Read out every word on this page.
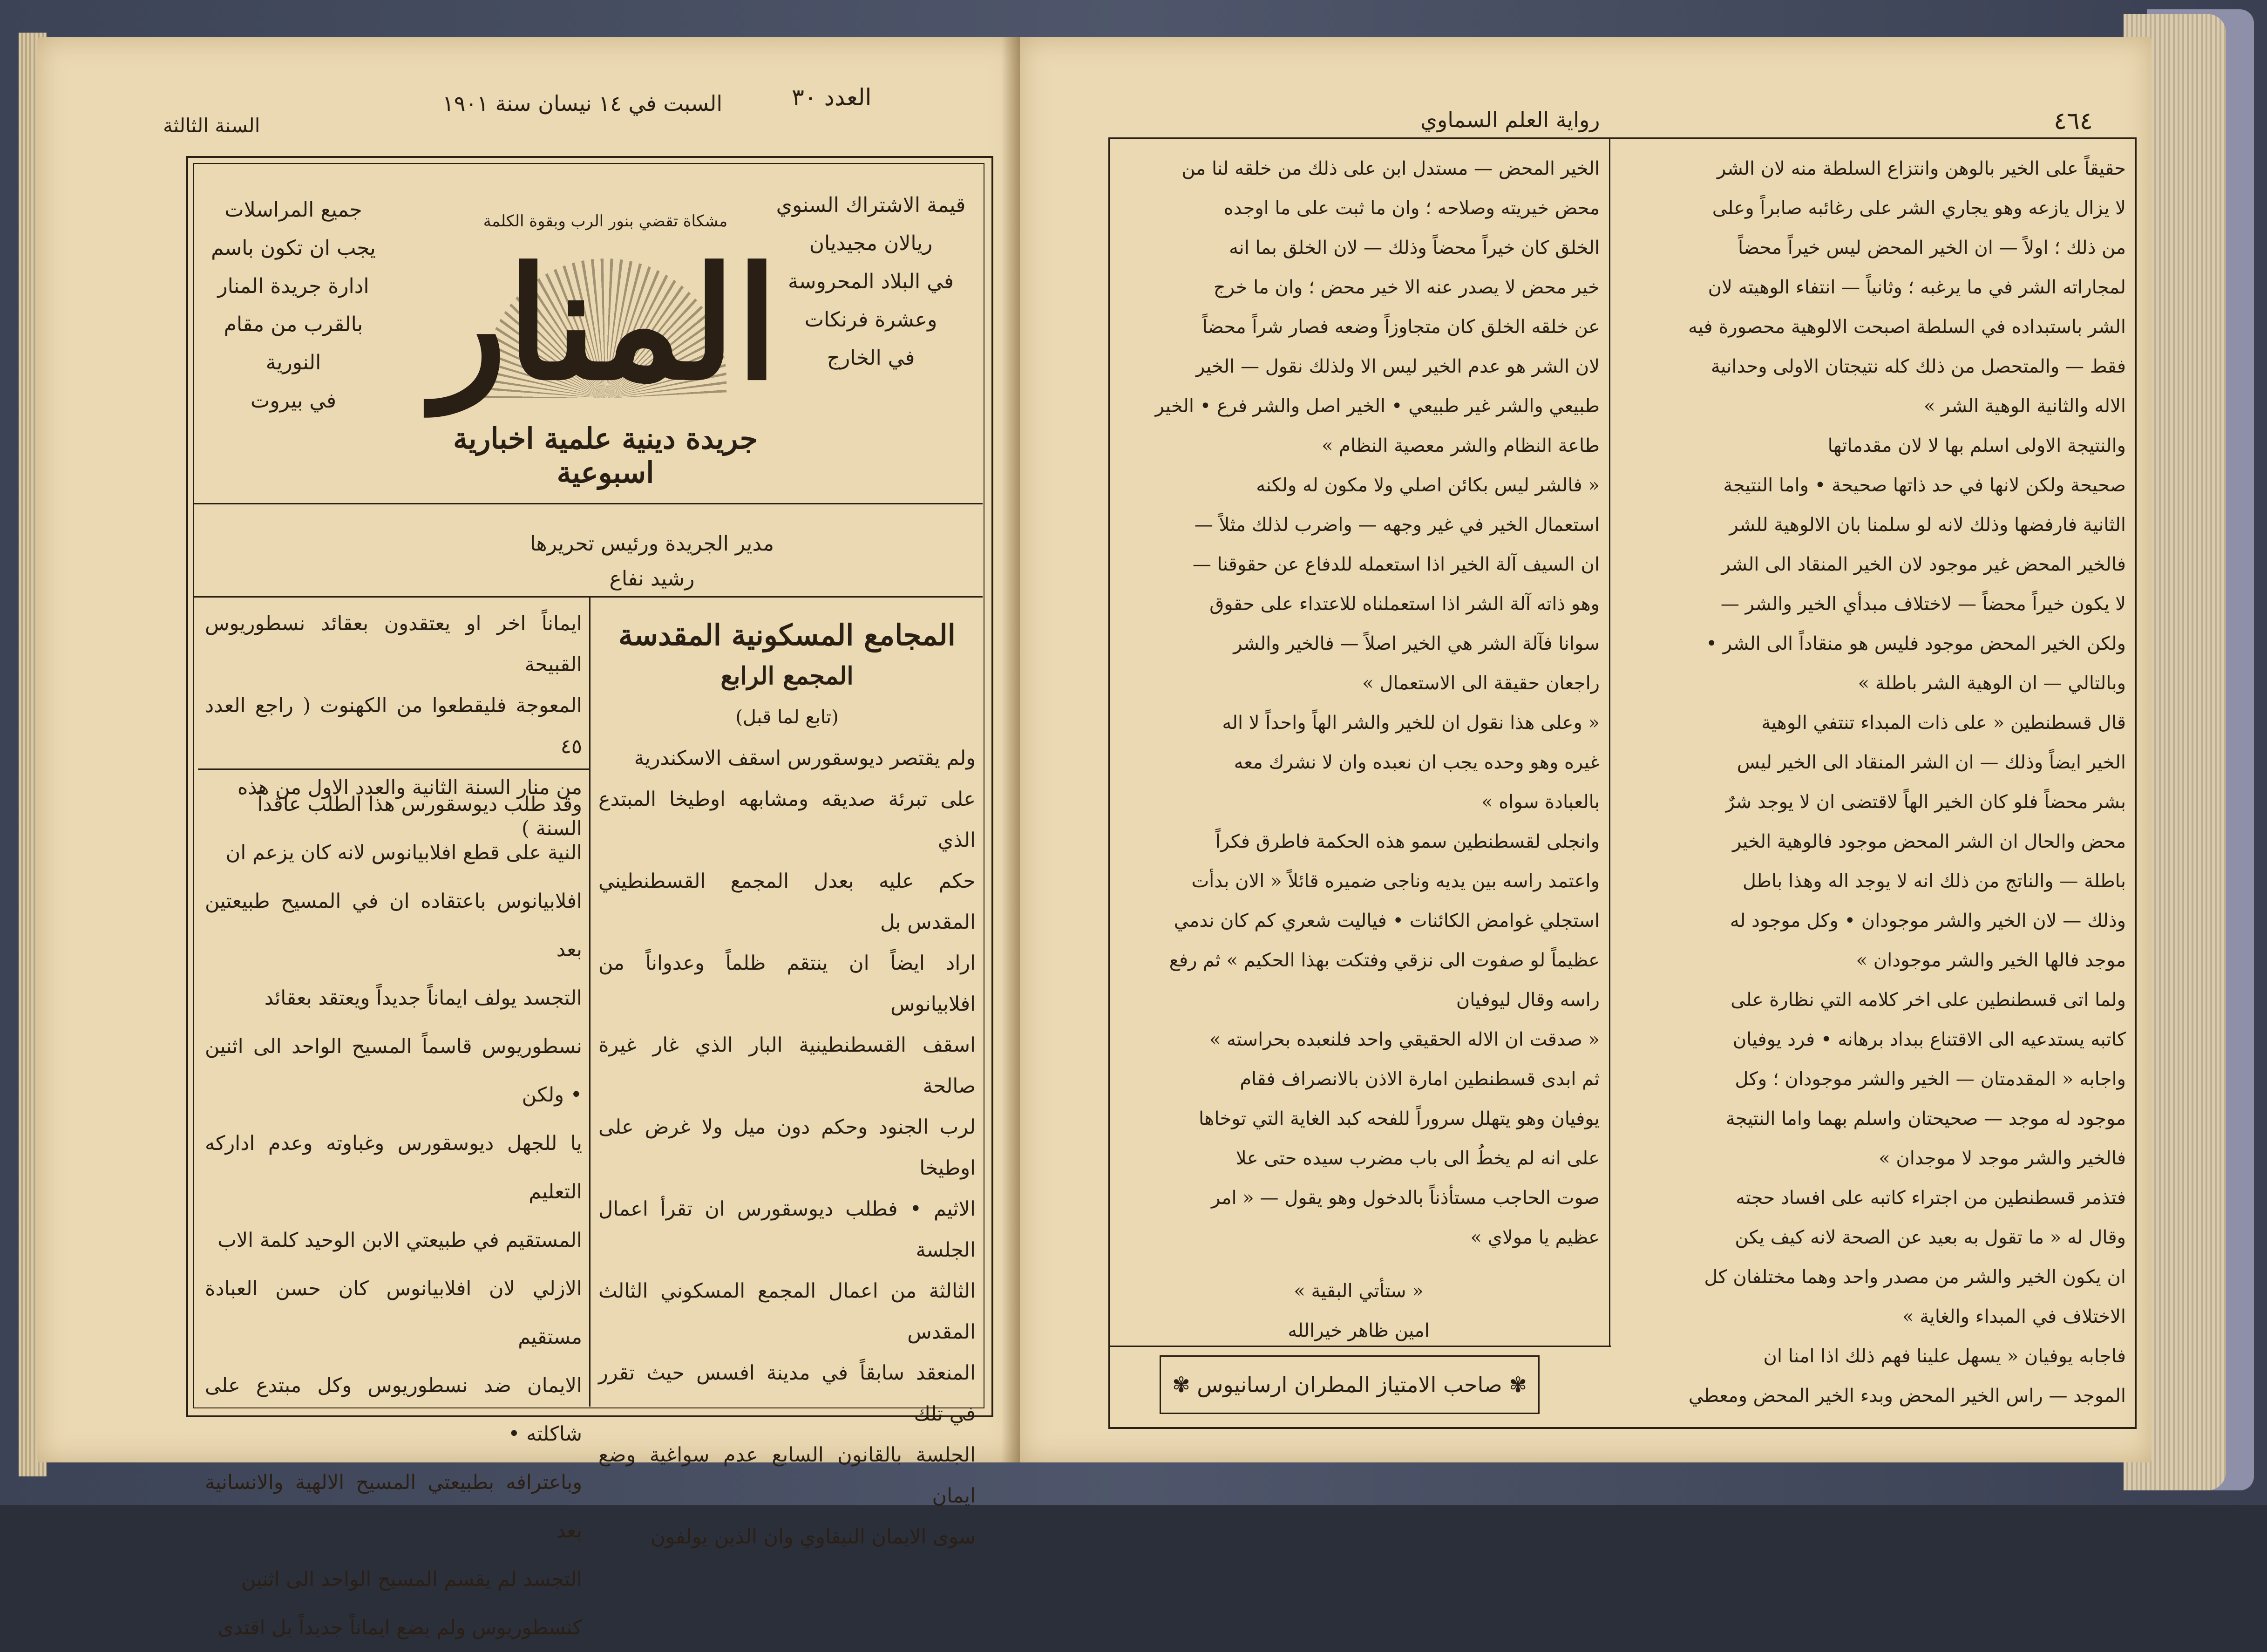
العدد ٣٠
السبت في ١٤ نيسان سنة ١٩٠١
السنة الثالثة
قيمة الاشتراك السنوي
ريالان مجيديان
في البلاد المحروسة
وعشرة فرنكات
في الخارج
مشكاة تقضي بنور الرب وبقوة الكلمة
المنار
جريدة دينية علمية اخبارية اسبوعية
جميع المراسلات
يجب ان تكون باسم
ادارة جريدة المنار
بالقرب من مقام النورية
في بيروت
مدير الجريدة ورئيس تحريرها
رشيد نفاع

المجامع المسكونية المقدسة

المجمع الرابع

(تابع لما قبل)

ولم يقتصر ديوسقورس اسقف الاسكندرية

على تبرئة صديقه ومشابهه اوطيخا المبتدع الذي

حكم عليه بعدل المجمع القسطنطيني المقدس بل

اراد ايضاً ان ينتقم ظلماً وعدواناً من افلابيانوس

اسقف القسطنطينية البار الذي غار غيرة صالحة

لرب الجنود وحكم دون ميل ولا غرض على اوطيخا

الاثيم • فطلب ديوسقورس ان تقرأ اعمال الجلسة

الثالثة من اعمال المجمع المسكوني الثالث المقدس

المنعقد سابقاً في مدينة افسس حيث تقرر في تلك

الجلسة بالقانون السابع عدم سواغية وضع ايمان

سوى الايمان النيقاوي وان الذين يولفون

ايماناً اخر او يعتقدون بعقائد نسطوريوس القبيحة

المعوجة فليقطعوا من الكهنوت ( راجع العدد ٤٥

من منار السنة الثانية والعدد الاول من هذه

السنة )

وقد طلب ديوسقورس هذا الطلب عاقداً

النية على قطع افلابيانوس لانه كان يزعم ان

افلابيانوس باعتقاده ان في المسيح طبيعتين بعد

التجسد يولف ايماناً جديداً ويعتقد بعقائد

نسطوريوس قاسماً المسيح الواحد الى اثنين • ولكن

يا للجهل ديوسقورس وغباوته وعدم اداركه التعليم

المستقيم في طبيعتي الابن الوحيد كلمة الاب

الازلي لان افلابيانوس كان حسن العبادة مستقيم

الايمان ضد نسطوريوس وكل مبتدع على شاكلته •

وباعترافه بطبيعتي المسيح الالهية والانسانية بعد

التجسد لم يقسم المسيح الواحد الى اثنين

كنسطوريوس ولم يضع ايماناً جديداً بل اقتدى

٤٦٤
رواية العلم السماوي

حقيقاً على الخير بالوهن وانتزاع السلطة منه لان الشر

لا يزال يازعه وهو يجاري الشر على رغائبه صابراً وعلى

من ذلك ؛ اولاً — ان الخير المحض ليس خيراً محضاً

لمجاراته الشر في ما يرغبه ؛ وثانياً — انتفاء الوهيته لان

الشر باستبداده في السلطة اصبحت الالوهية محصورة فيه

فقط — والمتحصل من ذلك كله نتيجتان الاولى وحدانية

الاله والثانية الوهية الشر »

والنتيجة الاولى اسلم بها لا لان مقدماتها

صحيحة ولكن لانها في حد ذاتها صحيحة • واما النتيجة

الثانية فارفضها وذلك لانه لو سلمنا بان الالوهية للشر

فالخير المحض غير موجود لان الخير المنقاد الى الشر

لا يكون خيراً محضاً — لاختلاف مبدأي الخير والشر —

ولكن الخير المحض موجود فليس هو منقاداً الى الشر •

وبالتالي — ان الوهية الشر باطلة »

قال قسطنطين « على ذات المبداء تنتفي الوهية

الخير ايضاً وذلك — ان الشر المنقاد الى الخير ليس

بشر محضاً فلو كان الخير الهاً لاقتضى ان لا يوجد شرٌ

محض والحال ان الشر المحض موجود فالوهية الخير

باطلة — والناتج من ذلك انه لا يوجد اله وهذا باطل

وذلك — لان الخير والشر موجودان • وكل موجود له

موجد فالها الخير والشر موجودان »

ولما اتى قسطنطين على اخر كلامه التي نظارة على

كاتبه يستدعيه الى الاقتناع ببداد برهانه • فرد يوفيان

واجابه « المقدمتان — الخير والشر موجودان ؛ وكل

موجود له موجد — صحيحتان واسلم بهما واما النتيجة

فالخير والشر موجد لا موجدان »

فتذمر قسطنطين من اجتراء كاتبه على افساد حجته

وقال له « ما تقول به بعيد عن الصحة لانه كيف يكن

ان يكون الخير والشر من مصدر واحد وهما مختلفان كل

الاختلاف في المبداء والغاية »

فاجابه يوفيان « يسهل علينا فهم ذلك اذا امنا ان

الموجد — راس الخير المحض وبدء الخير المحض ومعطي

الخير المحض — مستدل ابن على ذلك من خلقه لنا من

محض خيريته وصلاحه ؛ وان ما ثبت على ما اوجده

الخلق كان خيراً محضاً وذلك — لان الخلق بما انه

خير محض لا يصدر عنه الا خير محض ؛ وان ما خرج

عن خلقه الخلق كان متجاوزاً وضعه فصار شراً محضاً

لان الشر هو عدم الخير ليس الا ولذلك نقول — الخير

طبيعي والشر غير طبيعي • الخير اصل والشر فرع • الخير

طاعة النظام والشر معصية النظام »

« فالشر ليس بكائن اصلي ولا مكون له ولكنه

استعمال الخير في غير وجهه — واضرب لذلك مثلاً —

ان السيف آلة الخير اذا استعمله للدفاع عن حقوقنا —

وهو ذاته آلة الشر اذا استعملناه للاعتداء على حقوق

سوانا فآلة الشر هي الخير اصلاً — فالخير والشر

راجعان حقيقة الى الاستعمال »

« وعلى هذا نقول ان للخير والشر الهاً واحداً لا اله

غيره وهو وحده يجب ان نعبده وان لا نشرك معه

بالعبادة سواه »

وانجلى لقسطنطين سمو هذه الحكمة فاطرق فكراً

واعتمد راسه بين يديه وناجى ضميره قائلاً « الان بدأت

استجلي غوامض الكائنات • فياليت شعري كم كان ندمي

عظيماً لو صفوت الى نزقي وفتكت بهذا الحكيم » ثم رفع

راسه وقال ليوفيان

« صدقت ان الاله الحقيقي واحد فلنعبده بحراسته »

ثم ابدى قسطنطين امارة الاذن بالانصراف فقام

يوفيان وهو يتهلل سروراً للفحه كبد الغاية التي توخاها

على انه لم يخطُ الى باب مضرب سيده حتى علا

صوت الحاجب مستأذناً بالدخول وهو يقول — « امر

عظيم يا مولاي »

« ستأتي البقية »

امين ظاهر خيرالله

✾ صاحب الامتياز المطران ارسانيوس ✾
